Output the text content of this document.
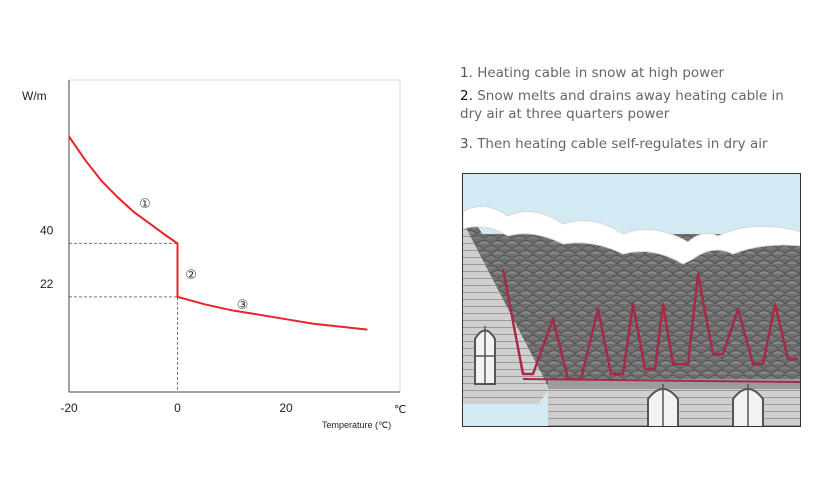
W/m
22
40
-20	0	20	℃
Temperature (℃)
①
②
③
1. Heating cable in snow at high power
2. Snow melts and drains away heating cable in dry air at three quarters power
3. Then heating cable self-regulates in dry air
